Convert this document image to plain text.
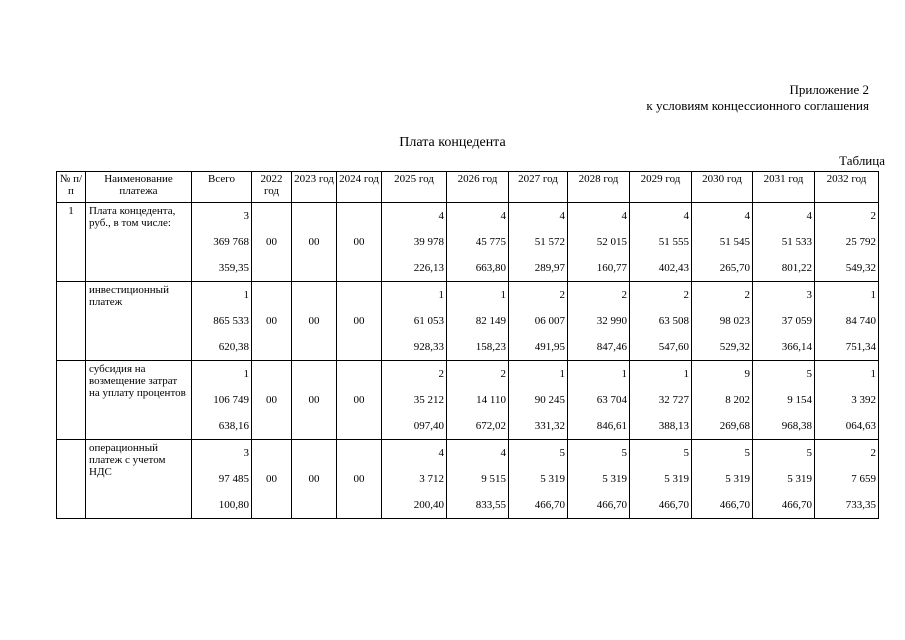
Приложение 2
к условиям концессионного соглашения
Плата концедента
Таблица
№ п/п	Наименование платежа	Всего	2022 год	2023 год	2024 год	2025 год	2026 год	2027 год	2028 год	2029 год	2030 год	2031 год	2032 год
1	Плата концедента, руб., в том числе:	3
369 768
359,35	00	00	00	4
39 978
226,13	4
45 775
663,80	4
51 572
289,97	4
52 015
160,77	4
51 555
402,43	4
51 545
265,70	4
51 533
801,22	2
25 792
549,32

	инвестиционный платеж	1
865 533
620,38	00	00	00	1
61 053
928,33	1
82 149
158,23	2
06 007
491,95	2
32 990
847,46	2
63 508
547,60	2
98 023
529,32	3
37 059
366,14	1
84 740
751,34

	субсидия на возмещение затрат на уплату процентов	1
106 749
638,16	00	00	00	2
35 212
097,40	2
14 110
672,02	1
90 245
331,32	1
63 704
846,61	1
32 727
388,13	9
8 202
269,68	5
9 154
968,38	1
3 392
064,63

	операционный платеж с учетом НДС	3
97 485
100,80	00	00	00	4
3 712
200,40	4
9 515
833,55	5
5 319
466,70	5
5 319
466,70	5
5 319
466,70	5
5 319
466,70	5
5 319
466,70	2
7 659
733,35
